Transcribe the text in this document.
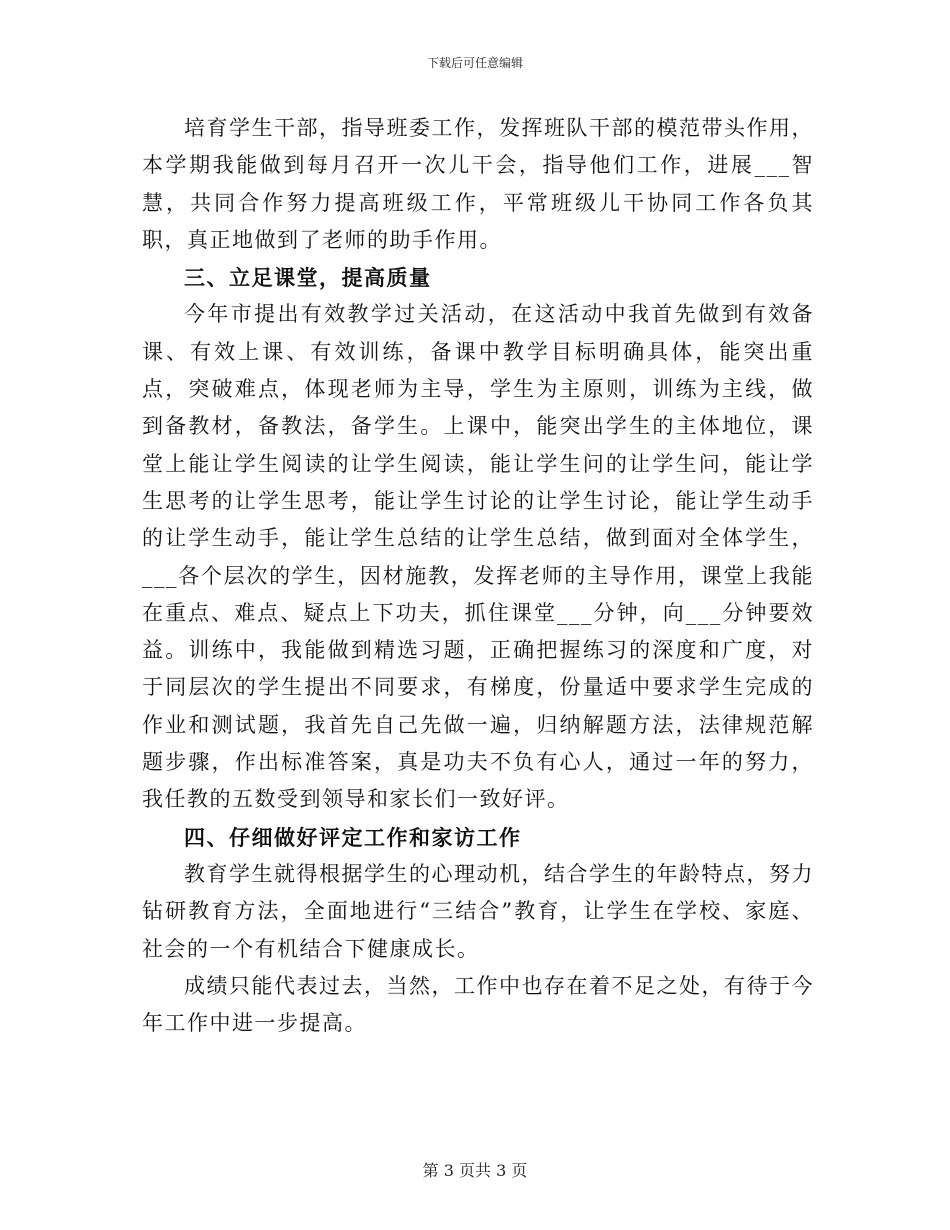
下载后可任意编辑

培育学生干部，指导班委工作，发挥班队干部的模范带头作用，本学期我能做到每月召开一次儿干会，指导他们工作，进展___智慧，共同合作努力提高班级工作，平常班级儿干协同工作各负其职，真正地做到了老师的助手作用。

三、立足课堂，提高质量

今年市提出有效教学过关活动，在这活动中我首先做到有效备课、有效上课、有效训练，备课中教学目标明确具体，能突出重点，突破难点，体现老师为主导，学生为主原则，训练为主线，做到备教材，备教法，备学生。上课中，能突出学生的主体地位，课堂上能让学生阅读的让学生阅读，能让学生问的让学生问，能让学生思考的让学生思考，能让学生讨论的让学生讨论，能让学生动手的让学生动手，能让学生总结的让学生总结，做到面对全体学生，___各个层次的学生，因材施教，发挥老师的主导作用，课堂上我能在重点、难点、疑点上下功夫，抓住课堂___分钟，向___分钟要效益。训练中，我能做到精选习题，正确把握练习的深度和广度，对于同层次的学生提出不同要求，有梯度，份量适中要求学生完成的作业和测试题，我首先自己先做一遍，归纳解题方法，法律规范解题步骤，作出标准答案，真是功夫不负有心人，通过一年的努力，我任教的五数受到领导和家长们一致好评。

四、仔细做好评定工作和家访工作

教育学生就得根据学生的心理动机，结合学生的年龄特点，努力钻研教育方法，全面地进行“三结合”教育，让学生在学校、家庭、社会的一个有机结合下健康成长。

成绩只能代表过去，当然，工作中也存在着不足之处，有待于今年工作中进一步提高。

第 3 页共 3 页
